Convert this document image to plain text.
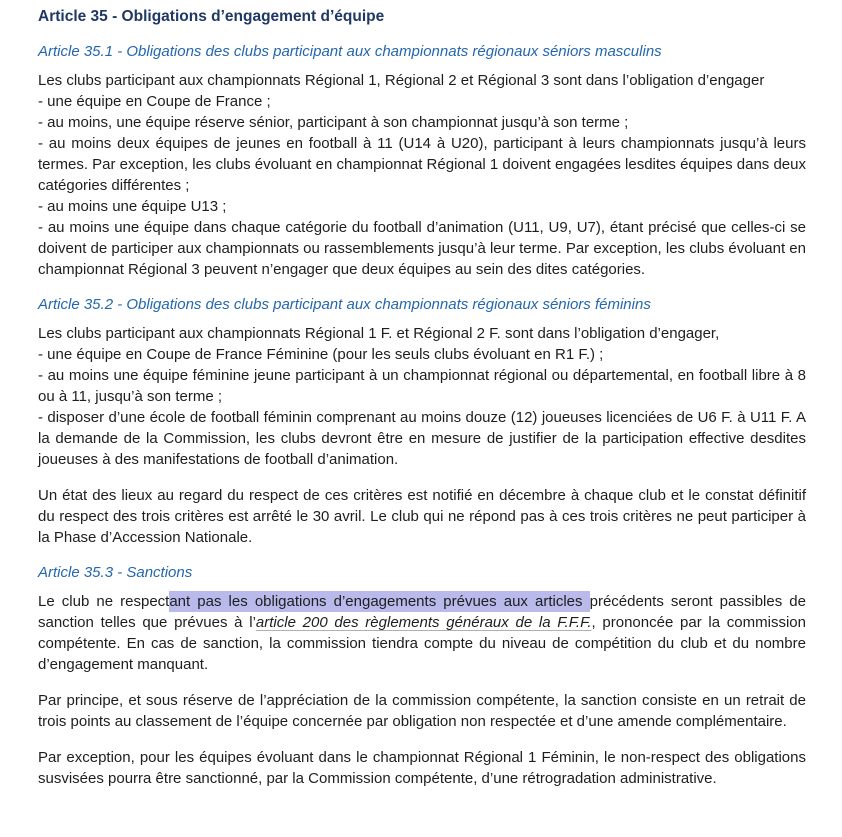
Article 35 - Obligations d’engagement d’équipe
Article 35.1 - Obligations des clubs participant aux championnats régionaux séniors masculins

Les clubs participant aux championnats Régional 1, Régional 2 et Régional 3 sont dans l’obligation d’engager

- une équipe en Coupe de France ;

- au moins, une équipe réserve sénior, participant à son championnat jusqu’à son terme ;

- au moins deux équipes de jeunes en football à 11 (U14 à U20), participant à leurs championnats jusqu’à leurs termes. Par exception, les clubs évoluant en championnat Régional 1 doivent engagées lesdites équipes dans deux catégories différentes ;

- au moins une équipe U13 ;

- au moins une équipe dans chaque catégorie du football d’animation (U11, U9, U7), étant précisé que celles-ci se doivent de participer aux championnats ou rassemblements jusqu’à leur terme. Par exception, les clubs évoluant en championnat Régional 3 peuvent n’engager que deux équipes au sein des dites catégories.

Article 35.2 - Obligations des clubs participant aux championnats régionaux séniors féminins

Les clubs participant aux championnats Régional 1 F. et Régional 2 F. sont dans l’obligation d’engager,

- une équipe en Coupe de France Féminine (pour les seuls clubs évoluant en R1 F.) ;

- au moins une équipe féminine jeune participant à un championnat régional ou départemental, en football libre à 8 ou à 11, jusqu’à son terme ;

- disposer d’une école de football féminin comprenant au moins douze (12) joueuses licenciées de U6 F. à U11 F. A la demande de la Commission, les clubs devront être en mesure de justifier de la participation effective desdites joueuses à des manifestations de football d’animation.

Un état des lieux au regard du respect de ces critères est notifié en décembre à chaque club et le constat définitif du respect des trois critères est arrêté le 30 avril. Le club qui ne répond pas à ces trois critères ne peut participer à la Phase d’Accession Nationale.

Article 35.3 - Sanctions

Le club ne respectant pas les obligations d’engagements prévues aux articles précédents seront passibles de sanction telles que prévues à l’article 200 des règlements généraux de la F.F.F., prononcée par la commission compétente. En cas de sanction, la commission tiendra compte du niveau de compétition du club et du nombre d’engagement manquant.

Par principe, et sous réserve de l’appréciation de la commission compétente, la sanction consiste en un retrait de trois points au classement de l’équipe concernée par obligation non respectée et d’une amende complémentaire.

Par exception, pour les équipes évoluant dans le championnat Régional 1 Féminin, le non-respect des obligations susvisées pourra être sanctionné, par la Commission compétente, d’une rétrogradation administrative.
